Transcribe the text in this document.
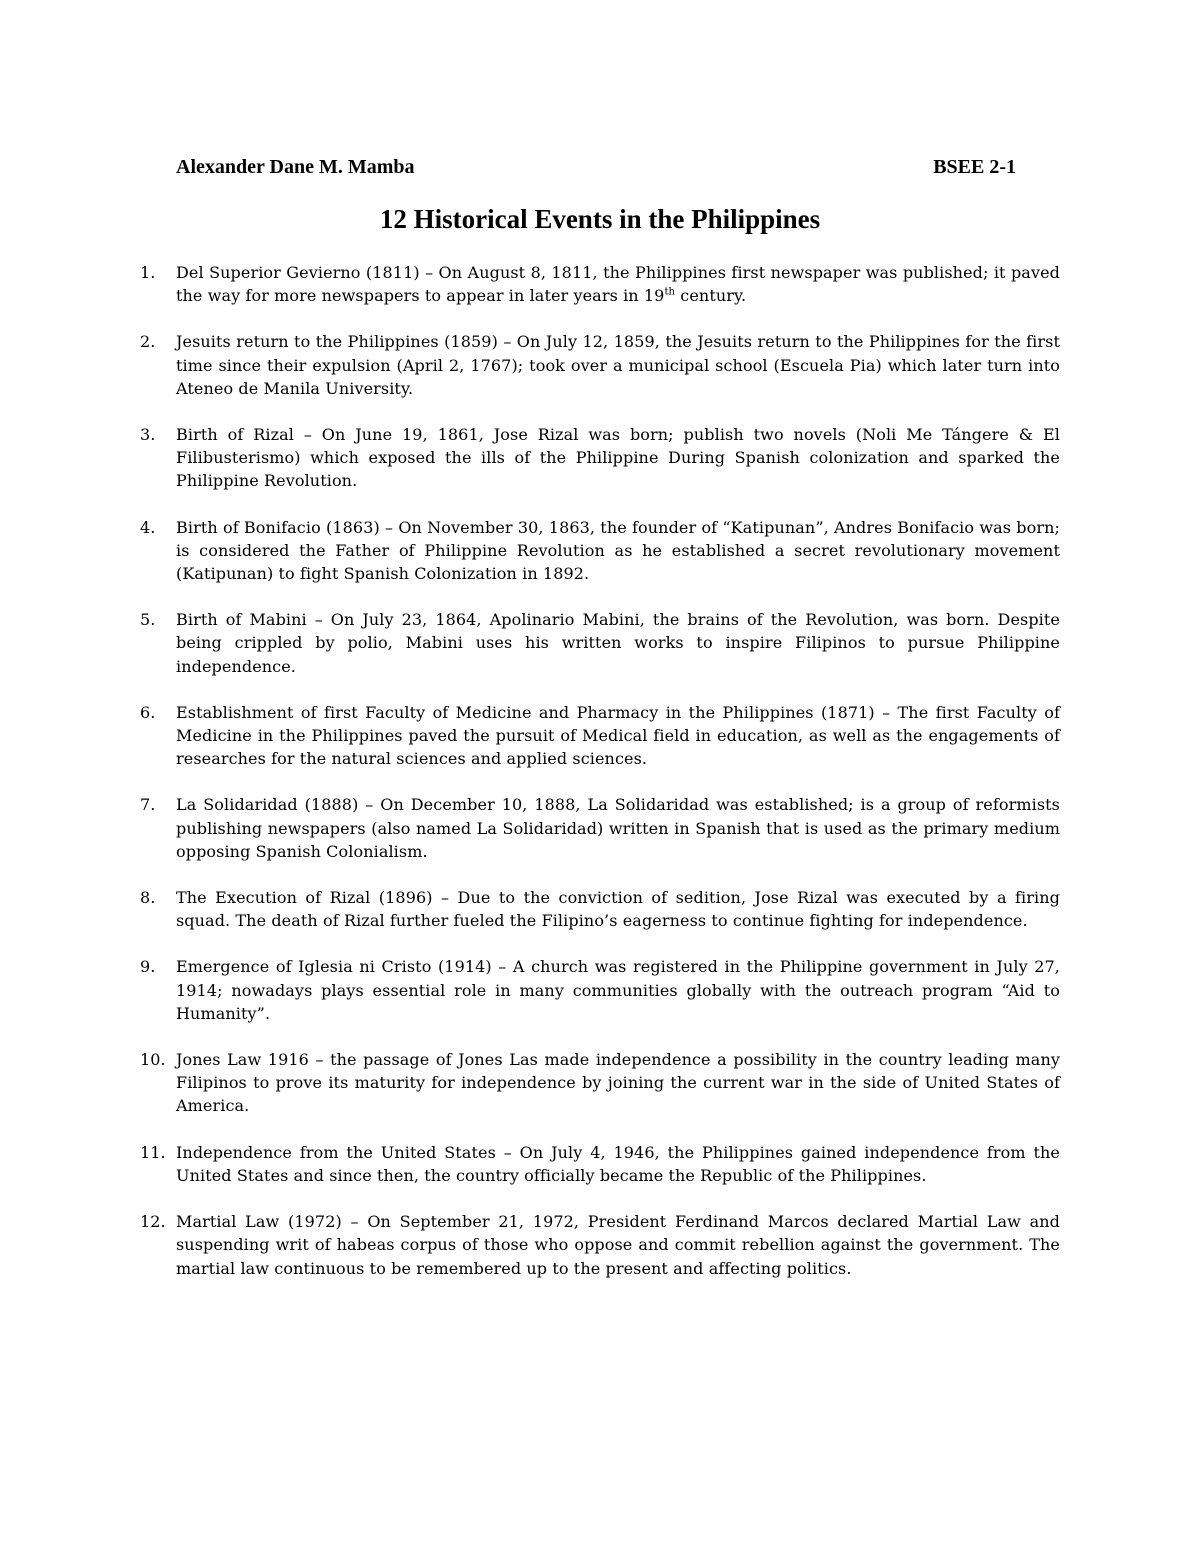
Alexander Dane M. Mamba	BSEE 2-1
12 Historical Events in the Philippines
1.	Del Superior Gevierno (1811) – On August 8, 1811, the Philippines first newspaper was published; it paved the way for more newspapers to appear in later years in 19th century.
2.	Jesuits return to the Philippines (1859) – On July 12, 1859, the Jesuits return to the Philippines for the first time since their expulsion (April 2, 1767); took over a municipal school (Escuela Pia) which later turn into Ateneo de Manila University.
3.	Birth of Rizal – On June 19, 1861, Jose Rizal was born; publish two novels (Noli Me Tángere & El Filibusterismo) which exposed the ills of the Philippine During Spanish colonization and sparked the Philippine Revolution.
4.	Birth of Bonifacio (1863) – On November 30, 1863, the founder of “Katipunan”, Andres Bonifacio was born; is considered the Father of Philippine Revolution as he established a secret revolutionary movement (Katipunan) to fight Spanish Colonization in 1892.
5.	Birth of Mabini – On July 23, 1864, Apolinario Mabini, the brains of the Revolution, was born. Despite being crippled by polio, Mabini uses his written works to inspire Filipinos to pursue Philippine independence.
6.	Establishment of first Faculty of Medicine and Pharmacy in the Philippines (1871) – The first Faculty of Medicine in the Philippines paved the pursuit of Medical field in education, as well as the engagements of researches for the natural sciences and applied sciences.
7.	La Solidaridad (1888) – On December 10, 1888, La Solidaridad was established; is a group of reformists publishing newspapers (also named La Solidaridad) written in Spanish that is used as the primary medium opposing Spanish Colonialism.
8.	The Execution of Rizal (1896) – Due to the conviction of sedition, Jose Rizal was executed by a firing squad. The death of Rizal further fueled the Filipino’s eagerness to continue fighting for independence.
9.	Emergence of Iglesia ni Cristo (1914) – A church was registered in the Philippine government in July 27, 1914; nowadays plays essential role in many communities globally with the outreach program “Aid to Humanity”.
10. Jones Law 1916 – the passage of Jones Las made independence a possibility in the country leading many Filipinos to prove its maturity for independence by joining the current war in the side of United States of America.
11. Independence from the United States – On July 4, 1946, the Philippines gained independence from the United States and since then, the country officially became the Republic of the Philippines.
12. Martial Law (1972) – On September 21, 1972, President Ferdinand Marcos declared Martial Law and suspending writ of habeas corpus of those who oppose and commit rebellion against the government. The martial law continuous to be remembered up to the present and affecting politics.
